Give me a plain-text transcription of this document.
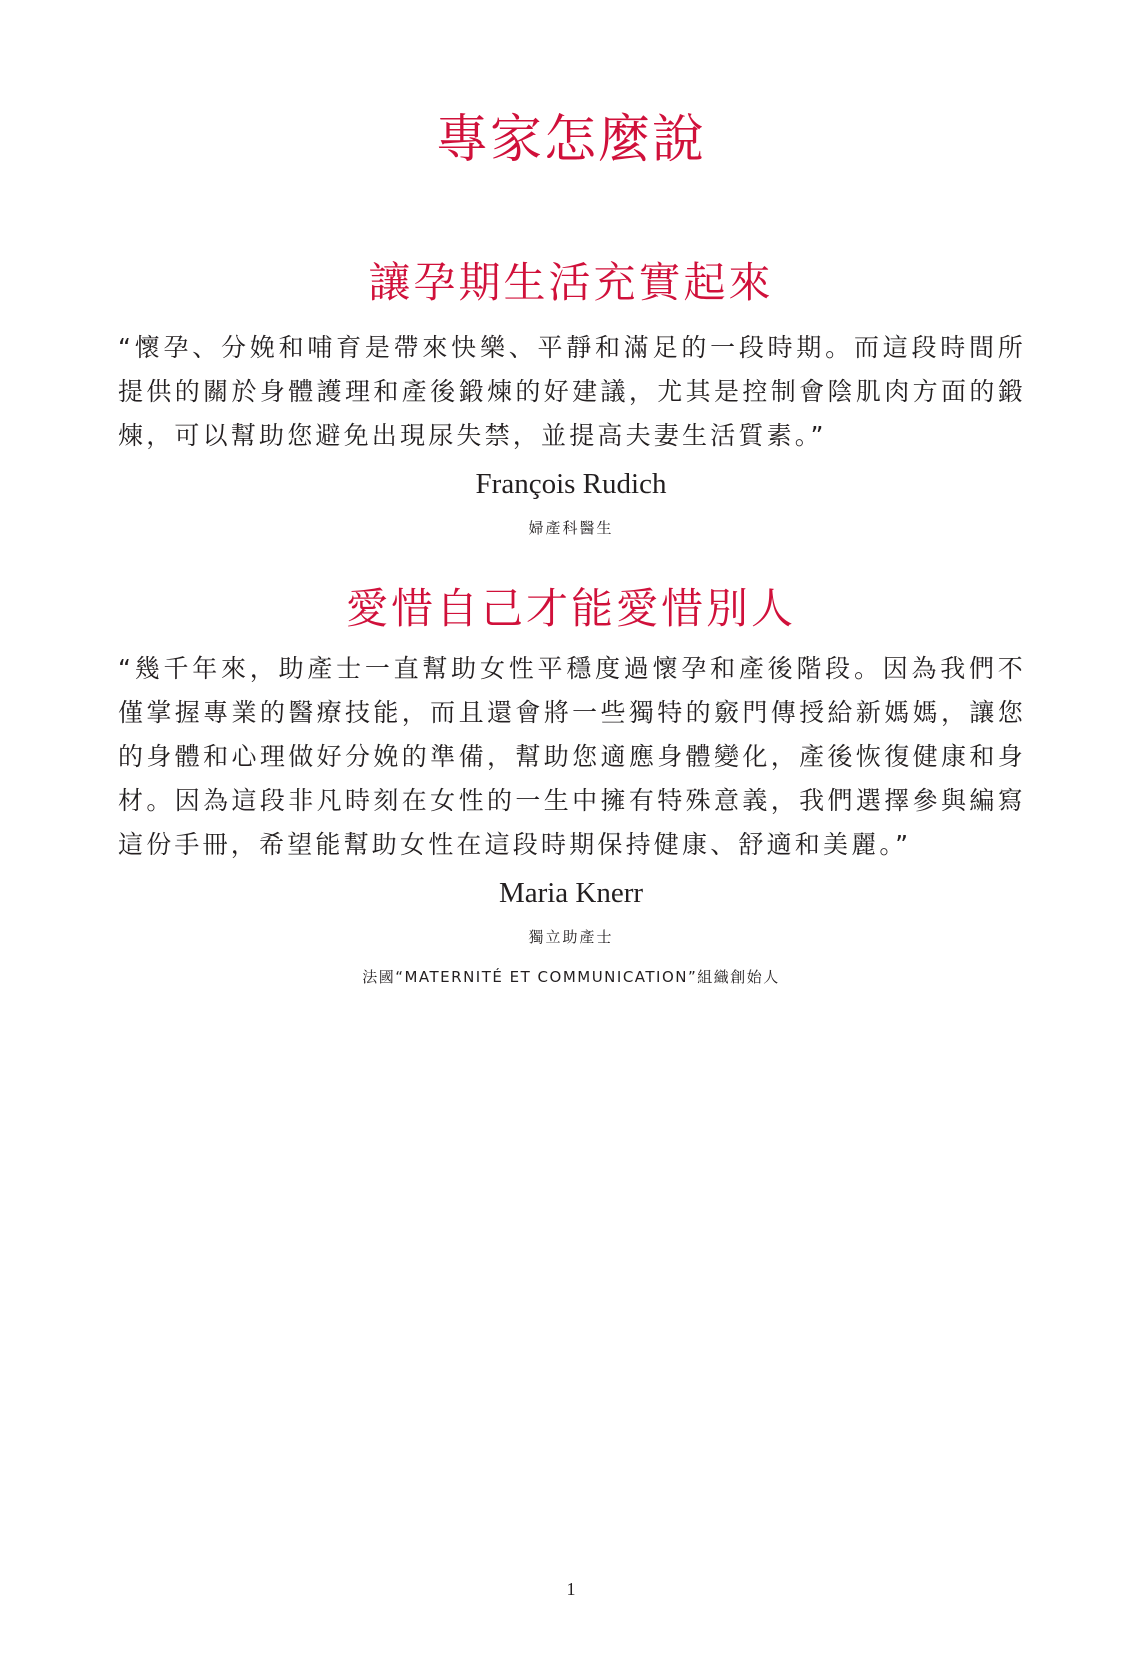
專家怎麼說
讓孕期生活充實起來

“懷孕、分娩和哺育是帶來快樂、平靜和滿足的一段時期。而這段時間所提供的關於身體護理和產後鍛煉的好建議，尤其是控制會陰肌肉方面的鍛煉，可以幫助您避免出現尿失禁，並提高夫妻生活質素。”

François Rudich

婦產科醫生

愛惜自己才能愛惜別人

“幾千年來，助產士一直幫助女性平穩度過懷孕和產後階段。因為我們不僅掌握專業的醫療技能，而且還會將一些獨特的竅門傳授給新媽媽，讓您的身體和心理做好分娩的準備，幫助您適應身體變化，產後恢復健康和身材。因為這段非凡時刻在女性的一生中擁有特殊意義，我們選擇參與編寫這份手冊，希望能幫助女性在這段時期保持健康、舒適和美麗。”

Maria Knerr

獨立助產士

法國“MATERNITÉ ET COMMUNICATION”組織創始人

1
